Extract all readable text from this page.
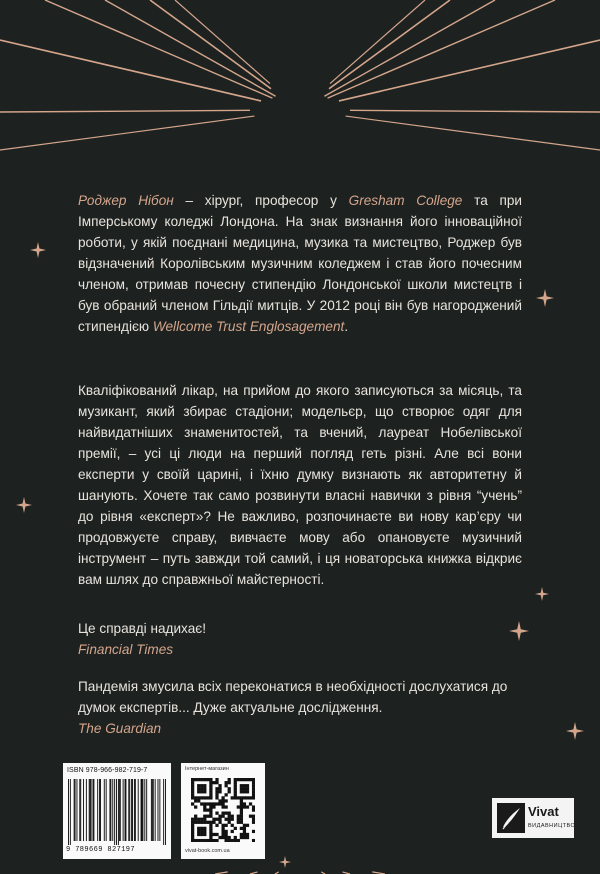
Роджер Нібон – хірург, професор у Gresham College та при Імперському коледжі Лондона. На знак визнання його інноваційної роботи, у якій поєднані медицина, музика та мистецтво, Роджер був відзначений Королівським музичним коледжем і став його почесним членом, отримав почесну стипендію Лондонської школи мистецтв і був обраний членом Гільдії митців. У 2012 році він був нагороджений стипендією Wellcome Trust Englosagement.
Кваліфікований лікар, на прийом до якого записуються за місяць, та музикант, який збирає стадіони; модельєр, що створює одяг для найвидатніших знаменитостей, та вчений, лауреат Нобелівської премії, – усі ці люди на перший погляд геть різні. Але всі вони експерти у своїй царині, і їхню думку визнають як авторитетну й шанують. Хочете так само розвинути власні навички з рівня “учень” до рівня «експерт»? Не важливо, розпочинаєте ви нову кар’єру чи продовжуєте справу, вивчаєте мову або опановуєте музичний інструмент – путь завжди той самий, і ця новаторська книжка відкриє вам шлях до справжньої майстерності.
Це справді надихає!
Financial Times
Пандемія змусила всіх переконатися в необхідності дослухатися до думок експертів... Дуже актуальне дослідження.
The Guardian
ISBN 978-966-982-719-7
9 789669 827197
Інтернет-магазин
vivat-book.com.ua
Vivat
ВИДАВНИЦТВО
